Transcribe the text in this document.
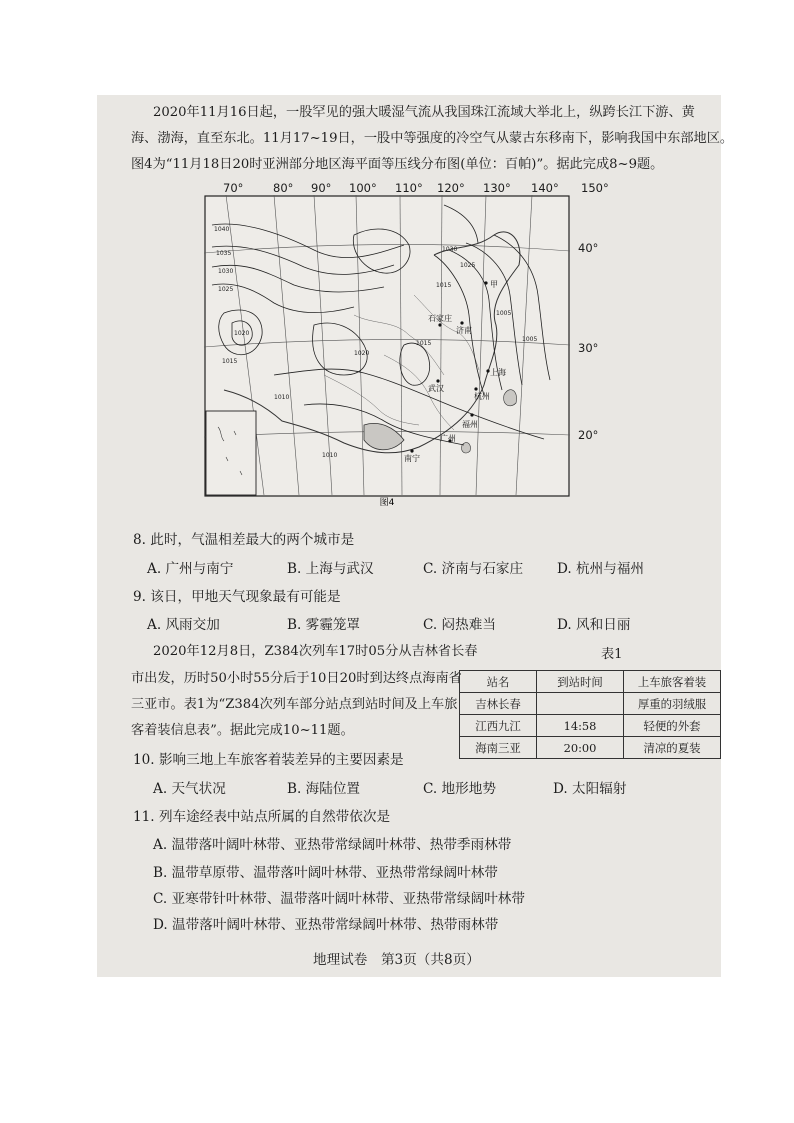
2020年11月16日起，一股罕见的强大暖湿气流从我国珠江流域大举北上，纵跨长江下游、黄
海、渤海，直至东北。11月17~19日，一股中等强度的冷空气从蒙古东移南下，影响我国中东部地区。
图4为“11月18日20时亚洲部分地区海平面等压线分布图(单位：百帕)”。据此完成8~9题。
70°	80° 90° 100° 110° 120° 130° 140° 150°
1040
1035
1030
1025
1020
1015
1010
1005
1030
1025
1020
1015
1010
1005
1015
石家庄
济南
武汉
上海
杭州
福州
广州
南宁
甲
图4
40°
30°
20°
8. 此时，气温相差最大的两个城市是
A. 广州与南宁	B. 上海与武汉	C. 济南与石家庄 D. 杭州与福州
9. 该日，甲地天气现象最有可能是
A. 风雨交加	B. 雾霾笼罩	C. 闷热难当	D. 风和日丽
2020年12月8日，Z384次列车17时05分从吉林省长春
市出发，历时50小时55分后于10日20时到达终点海南省
三亚市。表1为“Z384次列车部分站点到站时间及上车旅
客着装信息表”。据此完成10~11题。
表1
站名	到站时间	上车旅客着装
吉林长春		厚重的羽绒服
江西九江	14:58	轻便的外套
海南三亚	20:00	清凉的夏装
10. 影响三地上车旅客着装差异的主要因素是
A. 天气状况	B. 海陆位置	C. 地形地势	D. 太阳辐射
11. 列车途经表中站点所属的自然带依次是
A. 温带落叶阔叶林带、亚热带常绿阔叶林带、热带季雨林带
B. 温带草原带、温带落叶阔叶林带、亚热带常绿阔叶林带
C. 亚寒带针叶林带、温带落叶阔叶林带、亚热带常绿阔叶林带
D. 温带落叶阔叶林带、亚热带常绿阔叶林带、热带雨林带
地理试卷　第3页（共8页）
